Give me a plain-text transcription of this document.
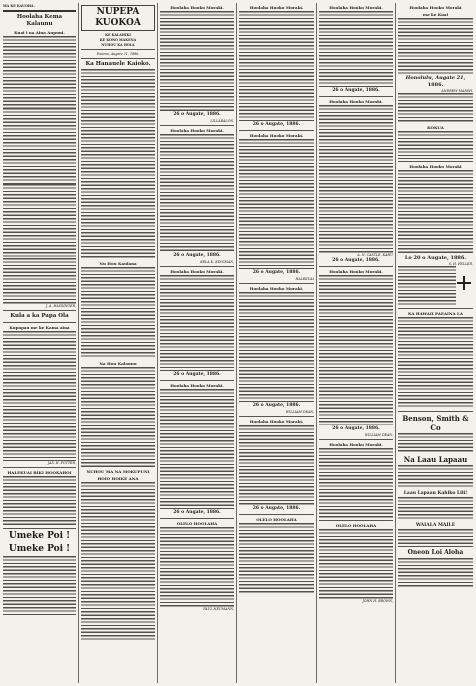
MA KE KAUOHA.
Hoolaha Kema Kalaunu
Kuai i na Aina Aupuni.
J. A. HASSINGER,
Kula a ka Papa Ola
Kupapau me ke Kama aina
JAS. H. POTTER,
HALEKUAI BIKI HOOKAHOI
Umeke Poi !
Umeke Poi !
NUPEPA KUOKOA
KE KALAHIKI
KE KONO MAKENA
NUHOU KA HOLA
Poaono, Augate 21, 1886.
Ka Hanauele Kaioko.
Nu Hou Kaulana
Na Hou Kalaunu
NUHOU MA NA MOKUPUNI
HOIO HOIKE ANA
Hoolaha Hooko Moraki.
26 o Augate, 1886.
LILLABALON.
Hoolaha Hooko Moraki.
26 o Augate, 1886.
KELA K. KINGMAN,
Hoolaha Hooko Moraki.
26 o Augate, 1886.
Hoolaha Hooko Moraki.
26 o Augate, 1886.
OLELO HOOLAHA
PAUL NEUMANN,
Hoolaha Hooko Moraki.
26 o Augate, 1886.
Hoolaha Hooko Moraki.
26 o Augate, 1886.
HALEKUAI
Hoolaha Hooko Moraki.
26 o Augate, 1886.
WILLIAM DEAN,
Hoolaha Hooko Moraki.
26 o Augate, 1886.
OLELO HOOLAHA
Hoolaha Hooko Moraki.
26 o Augate, 1886.
Hoolaha Hooko Moraki.
A. N. CASTLE, KAHU
26 o Augate, 1886.
Hoolaha Hooko Moraki.
26 o Augate, 1886.
WILLIAM DEAN,
Hoolaha Hooko Moraki.
OLELO HOOLAHA
JOHN H. BROWN,
Hoolaha Hooko Moraki
me ke Kuai
Honolulu, Augate 21,
1886.
ANDREW MARSH.
KOKUA
Hoolaha Hooko Moraki
Lo 20 o Augate, 1886.
S. H. FELLER,
KA HAWAII PAEAINA LA
Benson, Smith & Co
Na Laau Lapaau
Laau Lapaau Kahiko Lili!
WAIALA MAILE
Oneon Loi Aloha
